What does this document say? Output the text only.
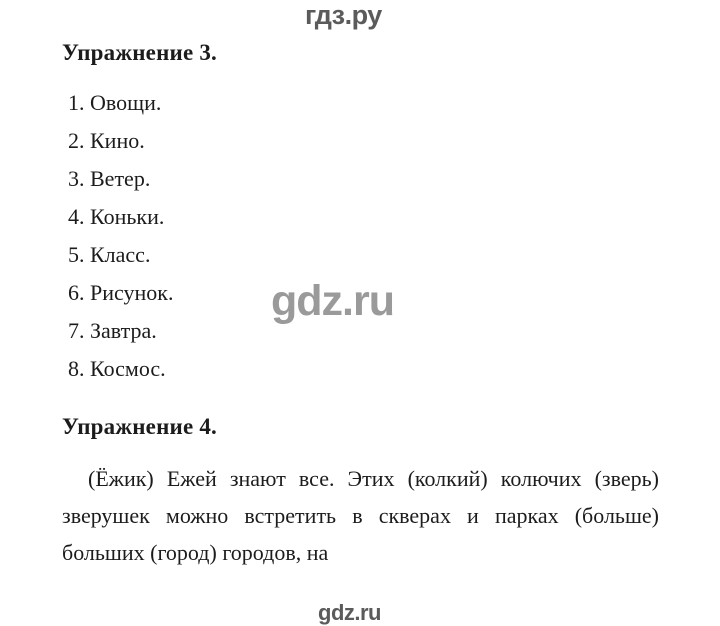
гдз.ру
gdz.ru
gdz.ru
Упражнение 3.
1. Овощи.
2. Кино.
3. Ветер.
4. Коньки.
5. Класс.
6. Рисунок.
7. Завтра.
8. Космос.
Упражнение 4.

(Ёжик) Ежей знают все. Этих (колкий) колючих (зверь) зверушек можно встретить в скверах и парках (больше) больших (город) городов, на
